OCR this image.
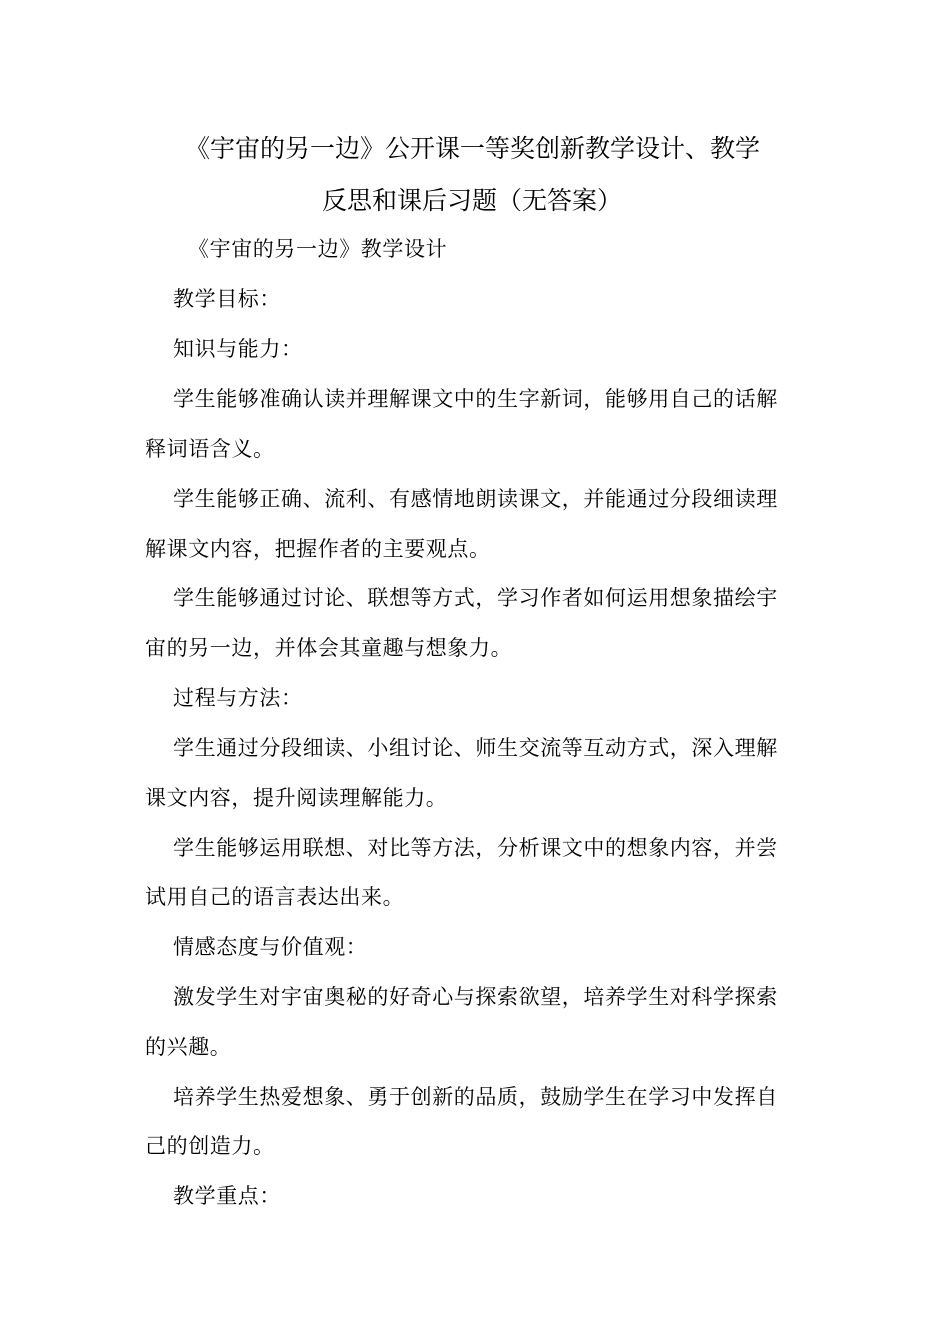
《宇宙的另一边》公开课一等奖创新教学设计、教学
反思和课后习题（无答案）
《宇宙的另一边》教学设计
教学目标：
知识与能力：
学生能够准确认读并理解课文中的生字新词，能够用自己的话解
释词语含义。
学生能够正确、流利、有感情地朗读课文，并能通过分段细读理
解课文内容，把握作者的主要观点。
学生能够通过讨论、联想等方式，学习作者如何运用想象描绘宇
宙的另一边，并体会其童趣与想象力。
过程与方法：
学生通过分段细读、小组讨论、师生交流等互动方式，深入理解
课文内容，提升阅读理解能力。
学生能够运用联想、对比等方法，分析课文中的想象内容，并尝
试用自己的语言表达出来。
情感态度与价值观：
激发学生对宇宙奥秘的好奇心与探索欲望，培养学生对科学探索
的兴趣。
培养学生热爱想象、勇于创新的品质，鼓励学生在学习中发挥自
己的创造力。
教学重点：
